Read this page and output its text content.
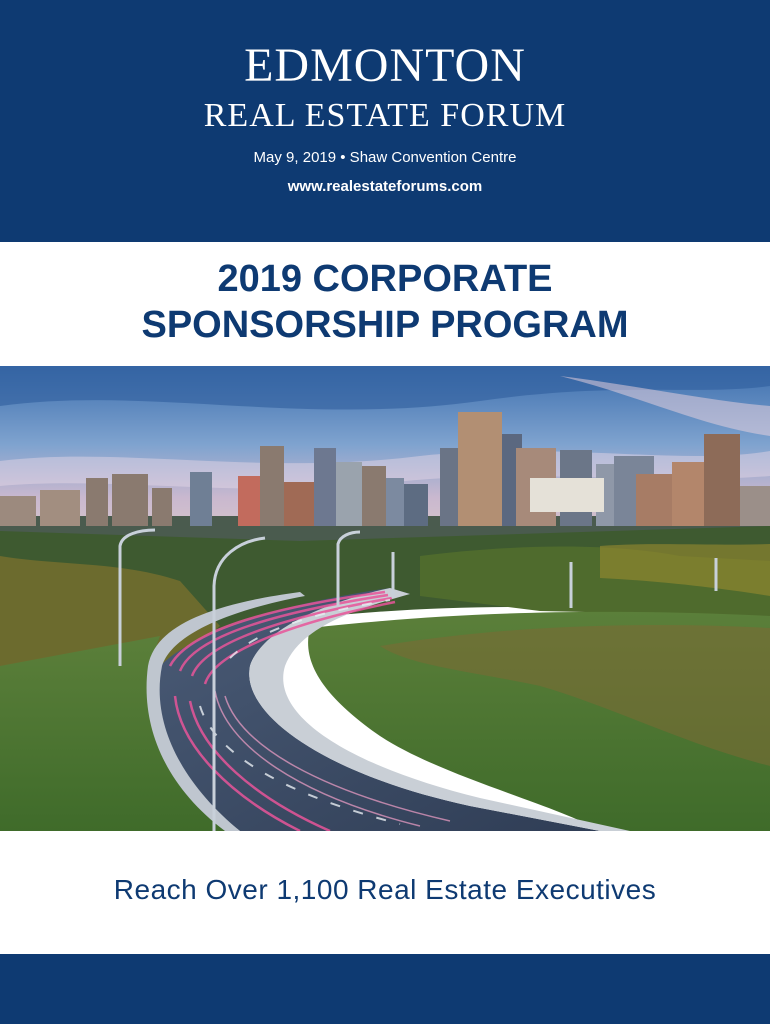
EDMONTON
REAL ESTATE FORUM
May 9, 2019 • Shaw Convention Centre
www.realestateforums.com
2019 CORPORATE
SPONSORSHIP PROGRAM
Reach Over 1,100 Real Estate Executives
